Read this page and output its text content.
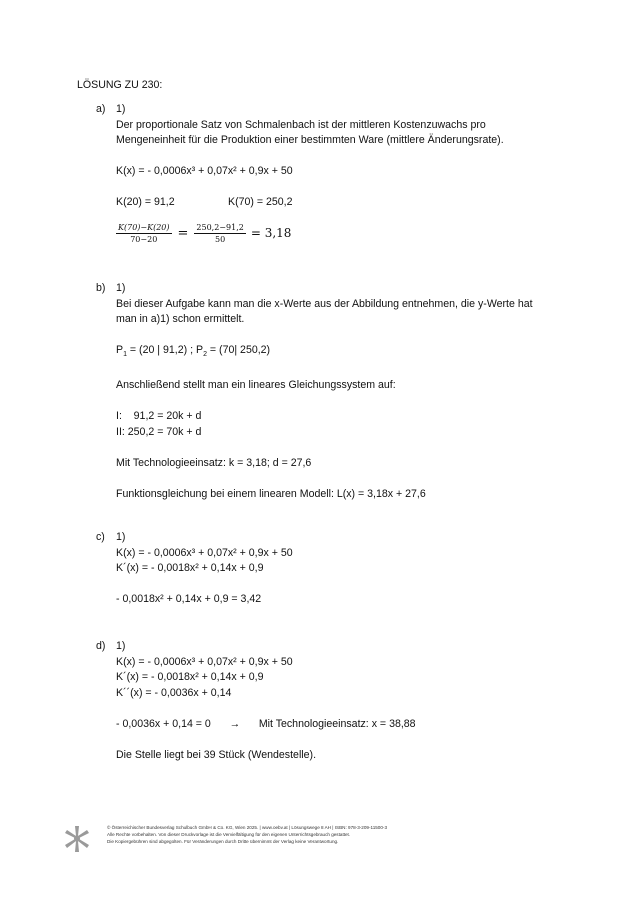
LÖSUNG ZU 230:
a) 1)
Der proportionale Satz von Schmalenbach ist der mittleren Kostenzuwachs pro
Mengeneinheit für die Produktion einer bestimmten Ware (mittlere Änderungsrate).
K(x) = - 0,0006x³ + 0,07x² + 0,9x + 50
K(20) = 91,2	K(70) = 250,2
$\frac{K(70)-K(20)}{70-20} = \frac{250,2-91,2}{50} = 3,18$
b) 1)
Bei dieser Aufgabe kann man die x-Werte aus der Abbildung entnehmen, die y-Werte hat
man in a)1) schon ermittelt.
$P_1 = (20$ | 91,2) ; $P_2 = (70|$ 250,2)
Anschließend stellt man ein lineares Gleichungssystem auf:
I:    91,2 = 20k + d
II: 250,2 = 70k + d
Mit Technologieeinsatz: k = 3,18; d = 27,6
Funktionsgleichung bei einem linearen Modell: L(x) = 3,18x + 27,6
c) 1)
K(x) = - 0,0006x³ + 0,07x² + 0,9x + 50
K´(x) = - 0,0018x² + 0,14x + 0,9
- 0,0018x² + 0,14x + 0,9 = 3,42
d) 1)
K(x) = - 0,0006x³ + 0,07x² + 0,9x + 50
K´(x) = - 0,0018x² + 0,14x + 0,9
K´´(x) = - 0,0036x + 0,14
- 0,0036x + 0,14 = 0	→	Mit Technologieeinsatz: x = 38,88
Die Stelle liegt bei 39 Stück (Wendestelle).
© Österreichischer Bundesverlag Schulbuch GmbH & Co. KG, Wien 2025. | www.oebv.at | Lösungswege 8 AH | ISBN: 978-3-209-11500-3
Alle Rechte vorbehalten. Von dieser Druckvorlage ist die Vervielfältigung für den eigenen Unterrichtsgebrauch gestattet.
Die Kopiergebühren sind abgegolten. Für Veränderungen durch Dritte übernimmt der Verlag keine Verantwortung.
